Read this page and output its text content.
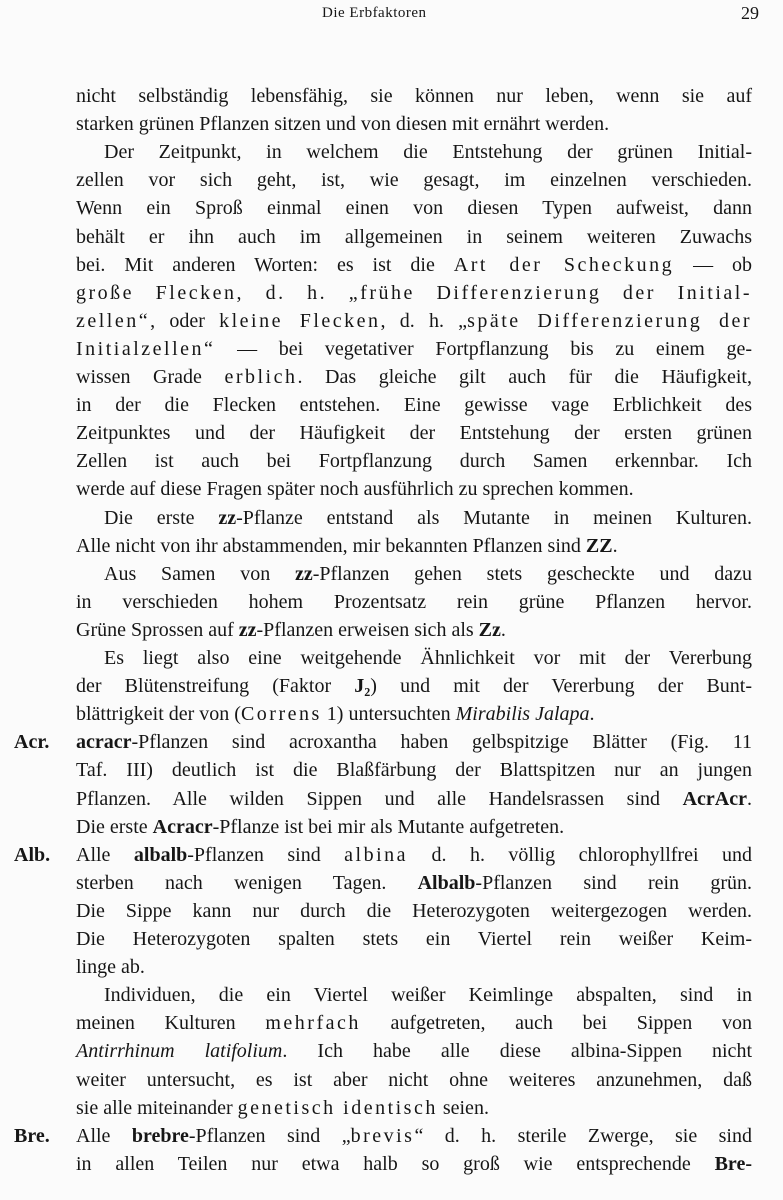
Die Erbfaktoren	29
nicht selbständig lebensfähig, sie können nur leben, wenn sie auf
starken grünen Pflanzen sitzen und von diesen mit ernährt werden.
Der Zeitpunkt, in welchem die Entstehung der grünen Initial-
zellen vor sich geht, ist, wie gesagt, im einzelnen verschieden.
Wenn ein Sproß einmal einen von diesen Typen aufweist, dann
behält er ihn auch im allgemeinen in seinem weiteren Zuwachs
bei. Mit anderen Worten: es ist die Art der Scheckung — ob
große Flecken, d. h. „frühe Differenzierung der Initial-
zellen“, oder kleine Flecken, d. h. „späte Differenzierung der
Initialzellen“ — bei vegetativer Fortpflanzung bis zu einem ge-
wissen Grade erblich. Das gleiche gilt auch für die Häufigkeit,
in der die Flecken entstehen. Eine gewisse vage Erblichkeit des
Zeitpunktes und der Häufigkeit der Entstehung der ersten grünen
Zellen ist auch bei Fortpflanzung durch Samen erkennbar. Ich
werde auf diese Fragen später noch ausführlich zu sprechen kommen.
Die erste zz-Pflanze entstand als Mutante in meinen Kulturen.
Alle nicht von ihr abstammenden, mir bekannten Pflanzen sind ZZ.
Aus Samen von zz-Pflanzen gehen stets gescheckte und dazu
in verschieden hohem Prozentsatz rein grüne Pflanzen hervor.
Grüne Sprossen auf zz-Pflanzen erweisen sich als Zz.
Es liegt also eine weitgehende Ähnlichkeit vor mit der Vererbung
der Blütenstreifung (Faktor J₂) und mit der Vererbung der Bunt-
blättrigkeit der von (Correns 1) untersuchten Mirabilis Jalapa.
Acr. acracr-Pflanzen sind acroxantha haben gelbspitzige Blätter (Fig. 11
Taf. III) deutlich ist die Blaßfärbung der Blattspitzen nur an jungen
Pflanzen. Alle wilden Sippen und alle Handelsrassen sind AcrAcr.
Die erste Acracr-Pflanze ist bei mir als Mutante aufgetreten.
Alb. Alle albalb-Pflanzen sind albina d. h. völlig chlorophyllfrei und
sterben nach wenigen Tagen. Albalb-Pflanzen sind rein grün.
Die Sippe kann nur durch die Heterozygoten weitergezogen werden.
Die Heterozygoten spalten stets ein Viertel rein weißer Keim-
linge ab.
Individuen, die ein Viertel weißer Keimlinge abspalten, sind in
meinen Kulturen mehrfach aufgetreten, auch bei Sippen von
Antirrhinum latifolium. Ich habe alle diese albina-Sippen nicht
weiter untersucht, es ist aber nicht ohne weiteres anzunehmen, daß
sie alle miteinander genetisch identisch seien.
Bre. Alle brebre-Pflanzen sind „brevis“ d. h. sterile Zwerge, sie sind
in allen Teilen nur etwa halb so groß wie entsprechende Bre-
